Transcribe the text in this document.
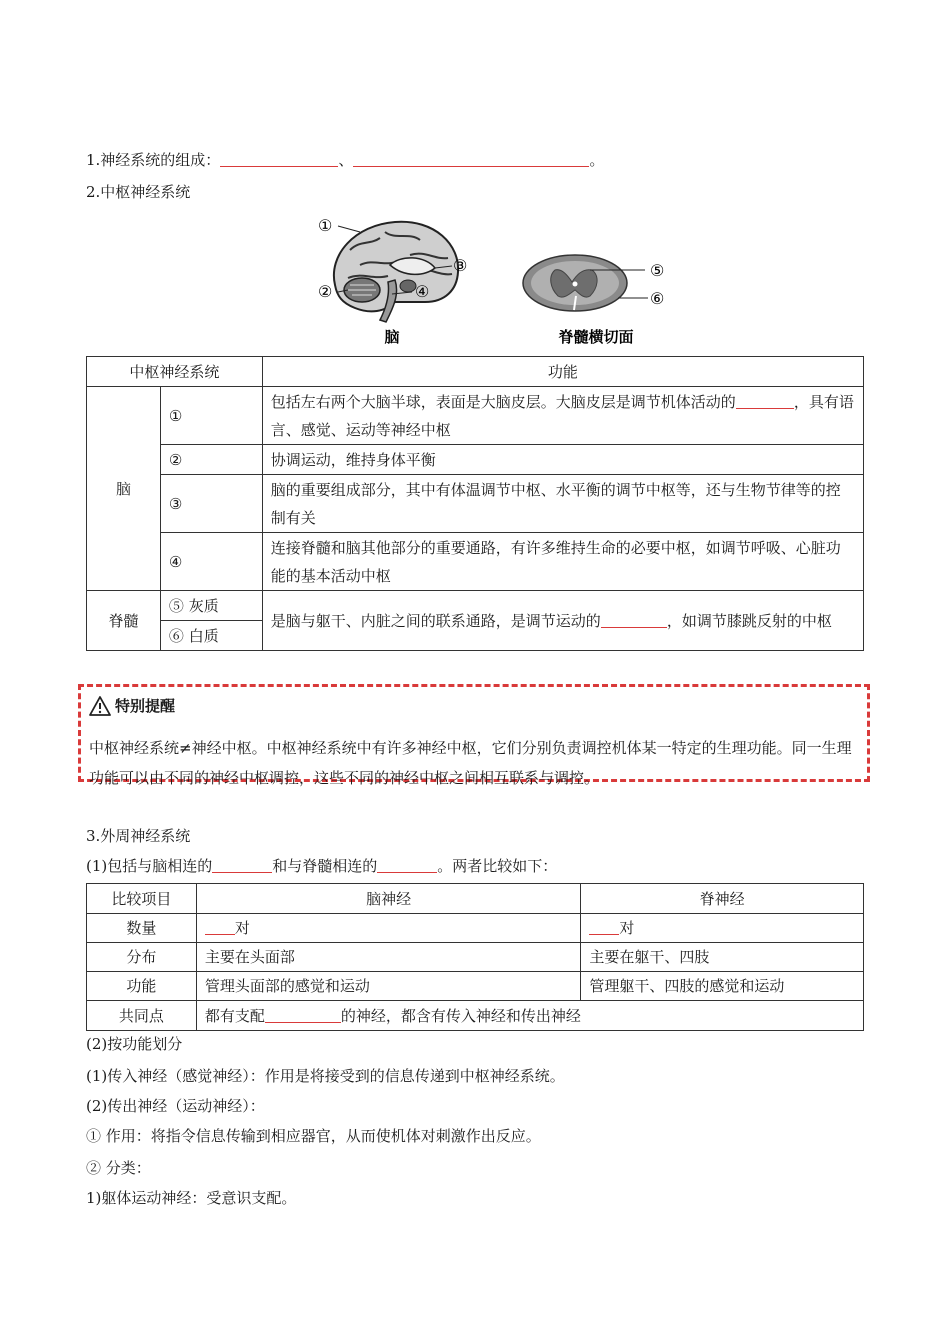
1.神经系统的组成：	、	。
2.中枢神经系统
①
②
③
④
⑤
⑥
脑	脊髓横切面
中枢神经系统		功能
脑	①	包括左右两个大脑半球，表面是大脑皮层。大脑皮层是调节机体活动的 ，具有语言、感觉、运动等神经中枢
	②	协调运动，维持身体平衡
	③	脑的重要组成部分，其中有体温调节中枢、水平衡的调节中枢等，还与生物节律等的控制有关
	④	连接脊髓和脑其他部分的重要通路，有许多维持生命的必要中枢，如调节呼吸、心脏功能的基本活动中枢
脊髓	⑤ 灰质	是脑与躯干、内脏之间的联系通路，是调节运动的 ，如调节膝跳反射的中枢
	⑥ 白质	
特别提醒
中枢神经系统≠神经中枢。中枢神经系统中有许多神经中枢，它们分别负责调控机体某一特定的生理功能。同一生理功能可以由不同的神经中枢调控，这些不同的神经中枢之间相互联系与调控。
3.外周神经系统
(1)包括与脑相连的	和与脊髓相连的	。两者比较如下：
比较项目	脑神经	脊神经
数量	对	对
分布	主要在头面部	主要在躯干、四肢
功能	管理头面部的感觉和运动	管理躯干、四肢的感觉和运动
共同点	都有支配 的神经，都含有传入神经和传出神经	
(2)按功能划分
(1)传入神经（感觉神经）：作用是将接受到的信息传递到中枢神经系统。
(2)传出神经（运动神经）：
① 作用：将指令信息传输到相应器官，从而使机体对刺激作出反应。
② 分类：
1)躯体运动神经：受意识支配。
